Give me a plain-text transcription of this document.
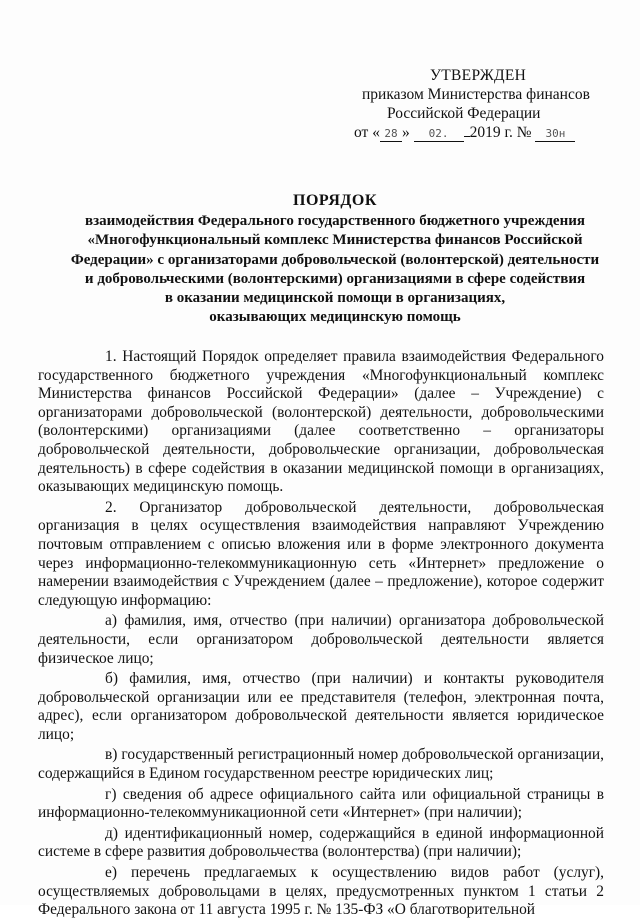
УТВЕРЖДЕН
приказом Министерства финансов
Российской Федерации
от « 28 » 02. 2019 г. № 30н
ПОРЯДОК
взаимодействия Федерального государственного бюджетного учреждения
«Многофункциональный комплекс Министерства финансов Российской
Федерации» с организаторами добровольческой (волонтерской) деятельности
и добровольческими (волонтерскими) организациями в сфере содействия
в оказании медицинской помощи в организациях,
оказывающих медицинскую помощь

1. Настоящий Порядок определяет правила взаимодействия Федерального государственного бюджетного учреждения «Многофункциональный комплекс Министерства финансов Российской Федерации» (далее – Учреждение) с организаторами добровольческой (волонтерской) деятельности, добровольческими (волонтерскими) организациями (далее соответственно – организаторы добровольческой деятельности, добровольческие организации, добровольческая деятельность) в сфере содействия в оказании медицинской помощи в организациях, оказывающих медицинскую помощь.

2. Организатор добровольческой деятельности, добровольческая организация в целях осуществления взаимодействия направляют Учреждению почтовым отправлением с описью вложения или в форме электронного документа через информационно-телекоммуникационную сеть «Интернет» предложение о намерении взаимодействия с Учреждением (далее – предложение), которое содержит следующую информацию:

а) фамилия, имя, отчество (при наличии) организатора добровольческой деятельности, если организатором добровольческой деятельности является физическое лицо;

б) фамилия, имя, отчество (при наличии) и контакты руководителя добровольческой организации или ее представителя (телефон, электронная почта, адрес), если организатором добровольческой деятельности является юридическое лицо;

в) государственный регистрационный номер добровольческой организации, содержащийся в Едином государственном реестре юридических лиц;

г) сведения об адресе официального сайта или официальной страницы в информационно-телекоммуникационной сети «Интернет» (при наличии);

д) идентификационный номер, содержащийся в единой информационной системе в сфере развития добровольчества (волонтерства) (при наличии);

е) перечень предлагаемых к осуществлению видов работ (услуг), осуществляемых добровольцами в целях, предусмотренных пунктом 1 статьи 2 Федерального закона от 11 августа 1995 г. № 135-ФЗ «О благотворительной
